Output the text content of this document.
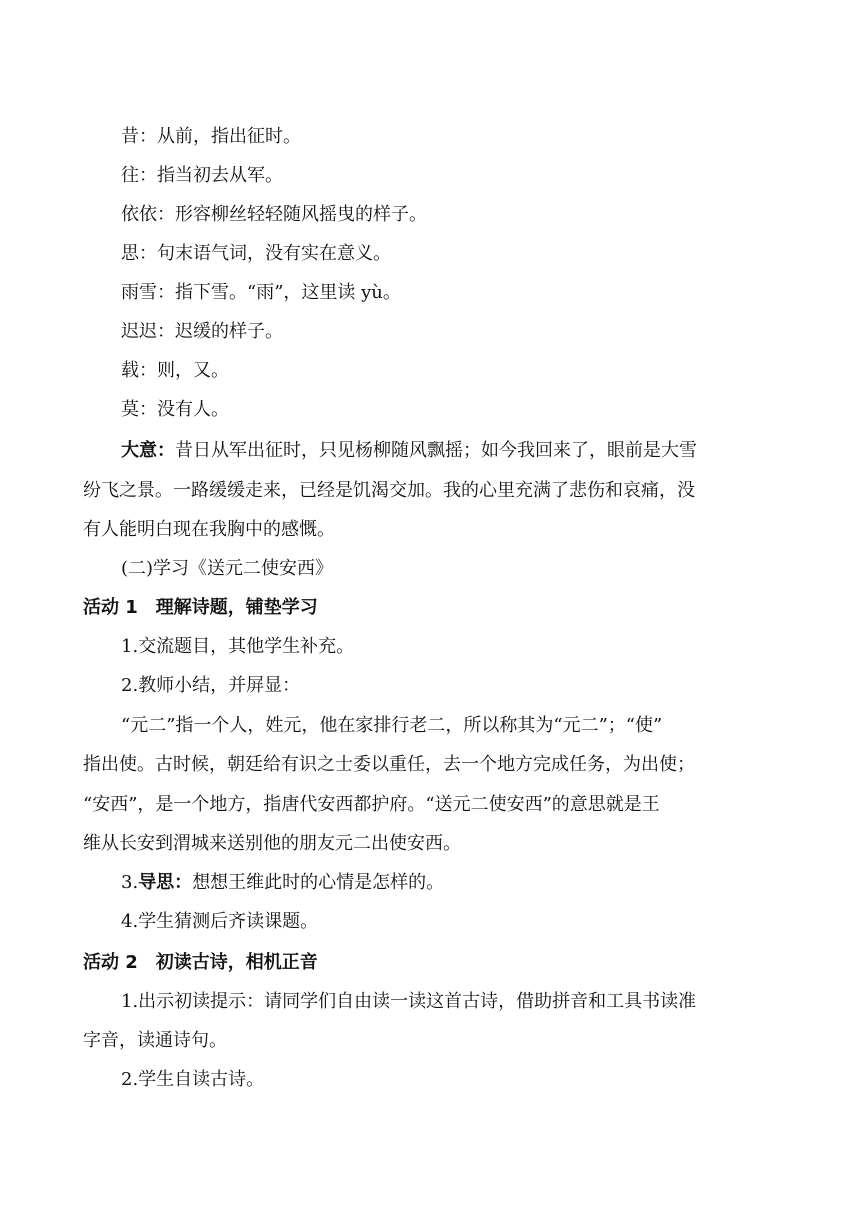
昔：从前，指出征时。
往：指当初去从军。
依依：形容柳丝轻轻随风摇曳的样子。
思：句末语气词，没有实在意义。
雨雪：指下雪。“雨”，这里读 yù。
迟迟：迟缓的样子。
载：则，又。
莫：没有人。
大意：昔日从军出征时，只见杨柳随风飘摇；如今我回来了，眼前是大雪
纷飞之景。一路缓缓走来，已经是饥渴交加。我的心里充满了悲伤和哀痛，没
有人能明白现在我胸中的感慨。
(二)学习《送元二使安西》
活动 1　理解诗题，铺垫学习
1.交流题目，其他学生补充。
2.教师小结，并屏显：
“元二”指一个人，姓元，他在家排行老二，所以称其为“元二”；“使”
指出使。古时候，朝廷给有识之士委以重任，去一个地方完成任务，为出使；
“安西”，是一个地方，指唐代安西都护府。“送元二使安西”的意思就是王
维从长安到渭城来送别他的朋友元二出使安西。
3.导思：想想王维此时的心情是怎样的。
4.学生猜测后齐读课题。
活动 2　初读古诗，相机正音
1.出示初读提示：请同学们自由读一读这首古诗，借助拼音和工具书读准
字音，读通诗句。
2.学生自读古诗。
